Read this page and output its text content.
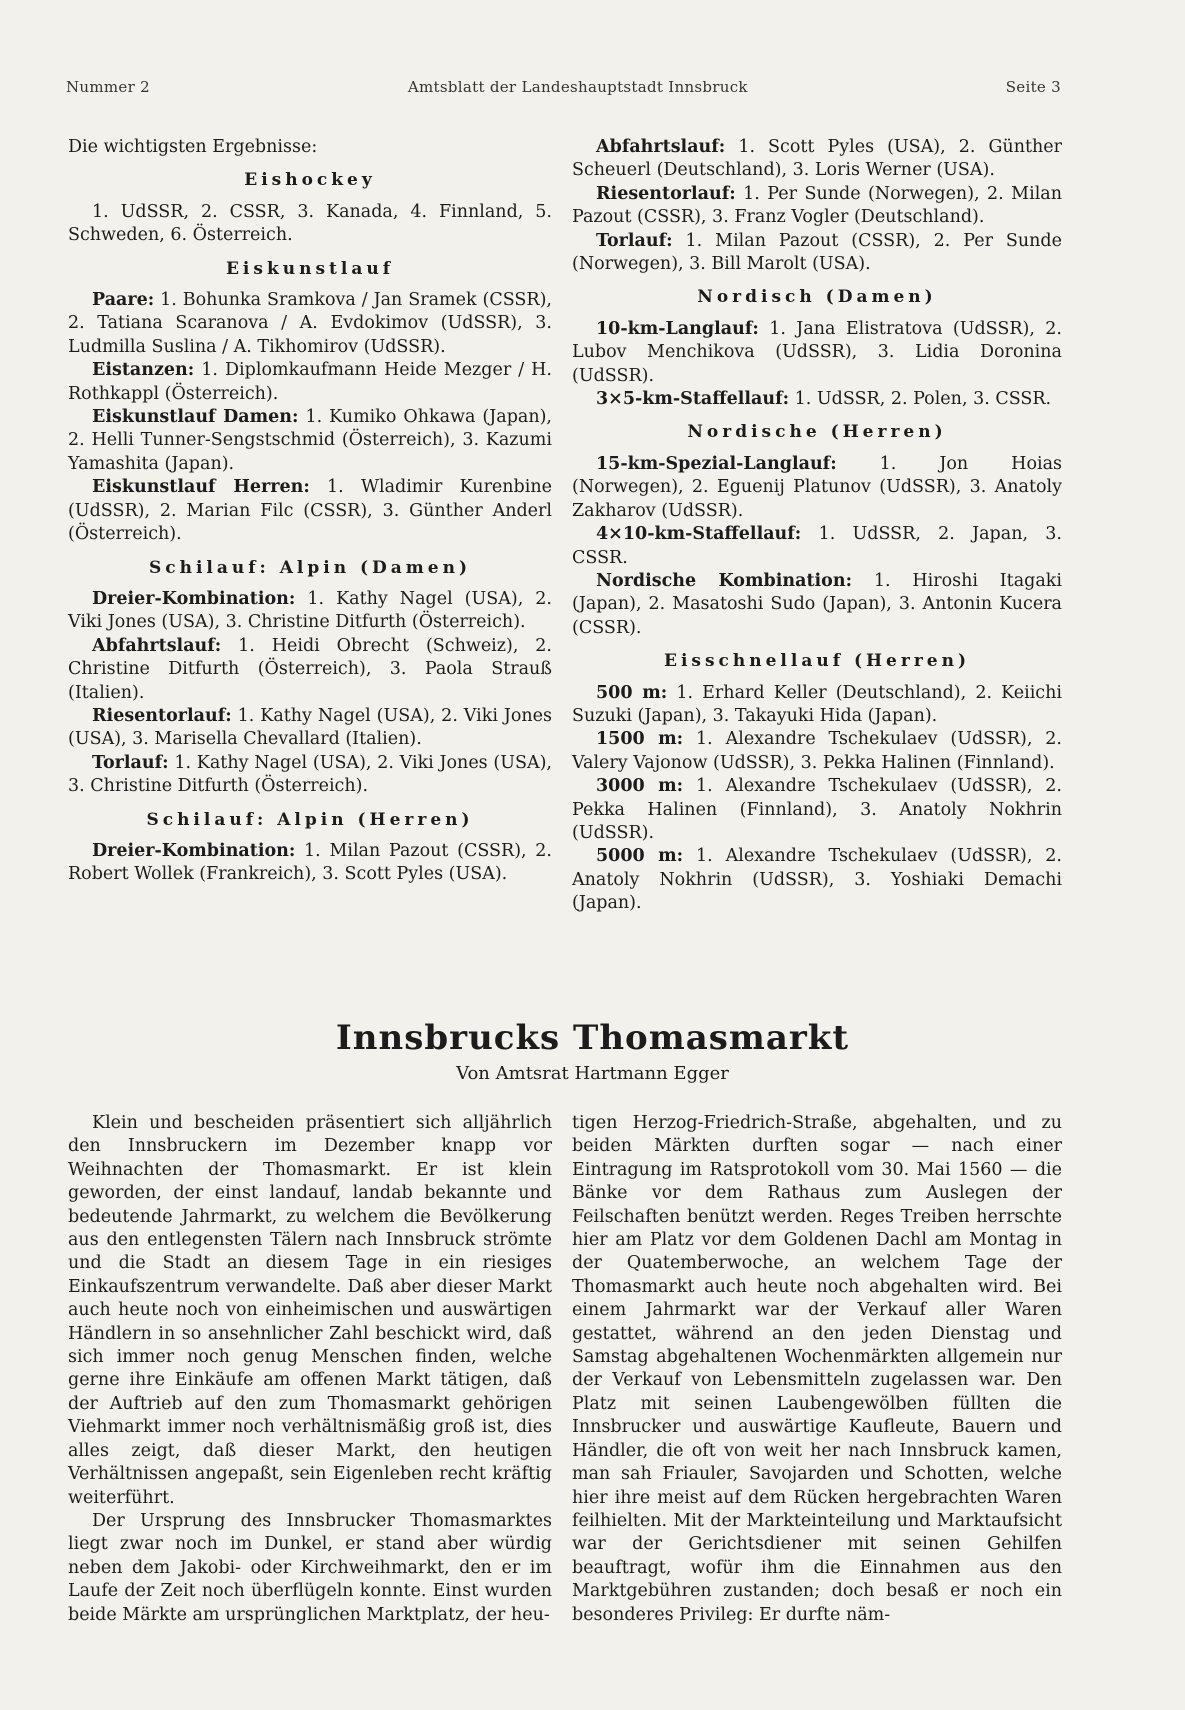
Nummer 2	Amtsblatt der Landeshauptstadt Innsbruck	Seite 3

Die wichtigsten Ergebnisse:

Eishockey

1. UdSSR, 2. CSSR, 3. Kanada, 4. Finnland, 5. Schweden, 6. Österreich.

Eiskunstlauf

Paare: 1. Bohunka Sramkova / Jan Sramek (CSSR), 2. Tatiana Scaranova / A. Evdokimov (UdSSR), 3. Ludmilla Suslina / A. Tikhomirov (UdSSR).

Eistanzen: 1. Diplomkaufmann Heide Mezger / H. Rothkappl (Österreich).

Eiskunstlauf Damen: 1. Kumiko Ohkawa (Japan), 2. Helli Tunner-Sengstschmid (Österreich), 3. Kazumi Yamashita (Japan).

Eiskunstlauf Herren: 1. Wladimir Kurenbine (UdSSR), 2. Marian Filc (CSSR), 3. Günther Anderl (Österreich).

Schilauf: Alpin (Damen)

Dreier-Kombination: 1. Kathy Nagel (USA), 2. Viki Jones (USA), 3. Christine Ditfurth (Österreich).

Abfahrtslauf: 1. Heidi Obrecht (Schweiz), 2. Christine Ditfurth (Österreich), 3. Paola Strauß (Italien).

Riesentorlauf: 1. Kathy Nagel (USA), 2. Viki Jones (USA), 3. Marisella Chevallard (Italien).

Torlauf: 1. Kathy Nagel (USA), 2. Viki Jones (USA), 3. Christine Ditfurth (Österreich).

Schilauf: Alpin (Herren)

Dreier-Kombination: 1. Milan Pazout (CSSR), 2. Robert Wollek (Frankreich), 3. Scott Pyles (USA).

Abfahrtslauf: 1. Scott Pyles (USA), 2. Günther Scheuerl (Deutschland), 3. Loris Werner (USA).

Riesentorlauf: 1. Per Sunde (Norwegen), 2. Milan Pazout (CSSR), 3. Franz Vogler (Deutschland).

Torlauf: 1. Milan Pazout (CSSR), 2. Per Sunde (Norwegen), 3. Bill Marolt (USA).

Nordisch (Damen)

10-km-Langlauf: 1. Jana Elistratova (UdSSR), 2. Lubov Menchikova (UdSSR), 3. Lidia Doronina (UdSSR).

3×5-km-Staffellauf: 1. UdSSR, 2. Polen, 3. CSSR.

Nordische (Herren)

15-km-Spezial-Langlauf: 1. Jon Hoias (Norwegen), 2. Eguenij Platunov (UdSSR), 3. Anatoly Zakharov (UdSSR).

4×10-km-Staffellauf: 1. UdSSR, 2. Japan, 3. CSSR.

Nordische Kombination: 1. Hiroshi Itagaki (Japan), 2. Masatoshi Sudo (Japan), 3. Antonin Kucera (CSSR).

Eisschnellauf (Herren)

500 m: 1. Erhard Keller (Deutschland), 2. Keiichi Suzuki (Japan), 3. Takayuki Hida (Japan).

1500 m: 1. Alexandre Tschekulaev (UdSSR), 2. Valery Vajonow (UdSSR), 3. Pekka Halinen (Finnland).

3000 m: 1. Alexandre Tschekulaev (UdSSR), 2. Pekka Halinen (Finnland), 3. Anatoly Nokhrin (UdSSR).

5000 m: 1. Alexandre Tschekulaev (UdSSR), 2. Anatoly Nokhrin (UdSSR), 3. Yoshiaki Demachi (Japan).

Innsbrucks Thomasmarkt
Von Amtsrat Hartmann Egger

Klein und bescheiden präsentiert sich alljährlich den Innsbruckern im Dezember knapp vor Weihnachten der Thomasmarkt. Er ist klein geworden, der einst landauf, landab bekannte und bedeutende Jahrmarkt, zu welchem die Bevölkerung aus den entlegensten Tälern nach Innsbruck strömte und die Stadt an diesem Tage in ein riesiges Einkaufszentrum verwandelte. Daß aber dieser Markt auch heute noch von einheimischen und auswärtigen Händlern in so ansehnlicher Zahl beschickt wird, daß sich immer noch genug Menschen finden, welche gerne ihre Einkäufe am offenen Markt tätigen, daß der Auftrieb auf den zum Thomasmarkt gehörigen Viehmarkt immer noch verhältnismäßig groß ist, dies alles zeigt, daß dieser Markt, den heutigen Verhältnissen angepaßt, sein Eigenleben recht kräftig weiterführt.

Der Ursprung des Innsbrucker Thomasmarktes liegt zwar noch im Dunkel, er stand aber würdig neben dem Jakobi- oder Kirchweihmarkt, den er im Laufe der Zeit noch überflügeln konnte. Einst wurden beide Märkte am ursprünglichen Marktplatz, der heu-

tigen Herzog-Friedrich-Straße, abgehalten, und zu beiden Märkten durften sogar — nach einer Eintragung im Ratsprotokoll vom 30. Mai 1560 — die Bänke vor dem Rathaus zum Auslegen der Feilschaften benützt werden. Reges Treiben herrschte hier am Platz vor dem Goldenen Dachl am Montag in der Quatemberwoche, an welchem Tage der Thomasmarkt auch heute noch abgehalten wird. Bei einem Jahrmarkt war der Verkauf aller Waren gestattet, während an den jeden Dienstag und Samstag abgehaltenen Wochenmärkten allgemein nur der Verkauf von Lebensmitteln zugelassen war. Den Platz mit seinen Laubengewölben füllten die Innsbrucker und auswärtige Kaufleute, Bauern und Händler, die oft von weit her nach Innsbruck kamen, man sah Friauler, Savojarden und Schotten, welche hier ihre meist auf dem Rücken hergebrachten Waren feilhielten. Mit der Markteinteilung und Marktaufsicht war der Gerichtsdiener mit seinen Gehilfen beauftragt, wofür ihm die Einnahmen aus den Marktgebühren zustanden; doch besaß er noch ein besonderes Privileg: Er durfte näm-
